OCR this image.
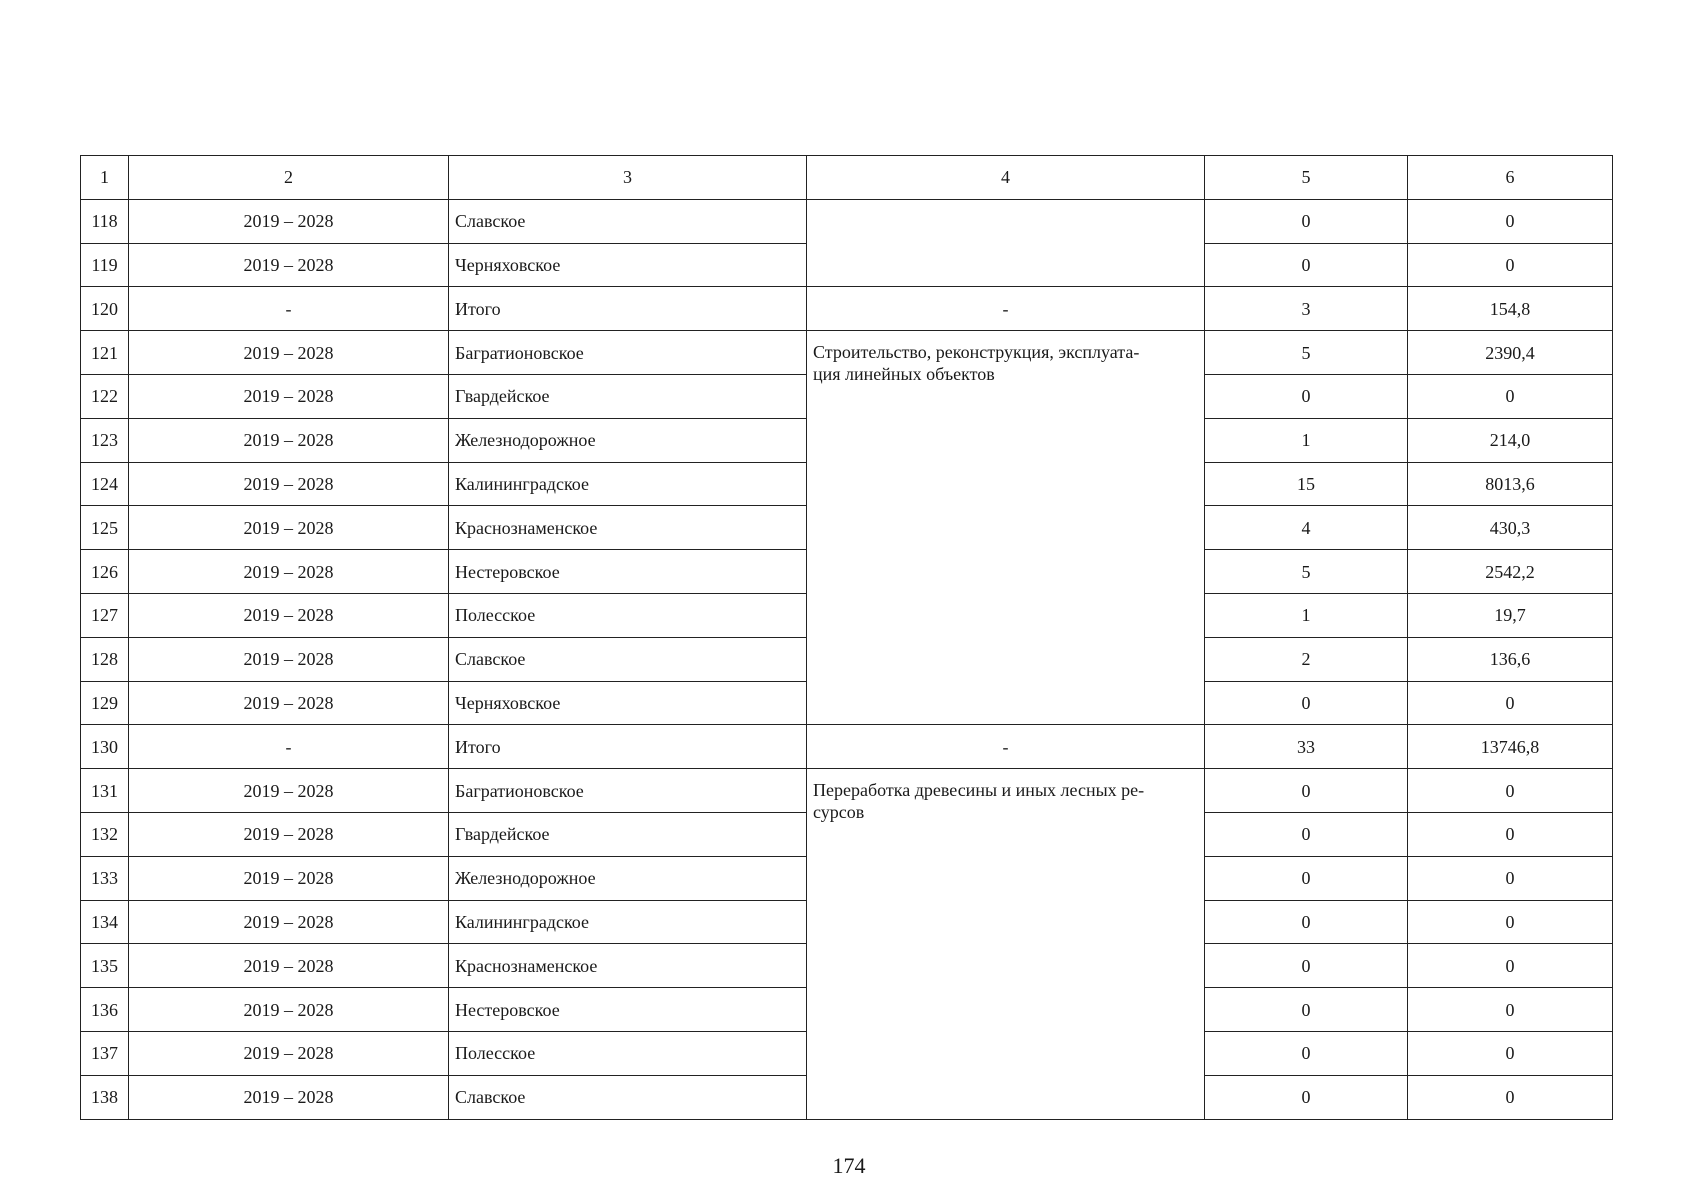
1	2	3	4	5	6
118	2019 – 2028	Славское		0	0
119	2019 – 2028	Черняховское		0	0
120	-	Итого	-	3	154,8
121	2019 – 2028	Багратионовское	Строительство, реконструкция, эксплуата-
ция линейных объектов	5	2390,4
122	2019 – 2028	Гвардейское		0	0
123	2019 – 2028	Железнодорожное		1	214,0
124	2019 – 2028	Калининградское		15	8013,6
125	2019 – 2028	Краснознаменское		4	430,3
126	2019 – 2028	Нестеровское		5	2542,2
127	2019 – 2028	Полесское		1	19,7
128	2019 – 2028	Славское		2	136,6
129	2019 – 2028	Черняховское		0	0
130	-	Итого	-	33	13746,8
131	2019 – 2028	Багратионовское	Переработка древесины и иных лесных ре-
сурсов	0	0
132	2019 – 2028	Гвардейское		0	0
133	2019 – 2028	Железнодорожное		0	0
134	2019 – 2028	Калининградское		0	0
135	2019 – 2028	Краснознаменское		0	0
136	2019 – 2028	Нестеровское		0	0
137	2019 – 2028	Полесское		0	0
138	2019 – 2028	Славское		0	0
174
